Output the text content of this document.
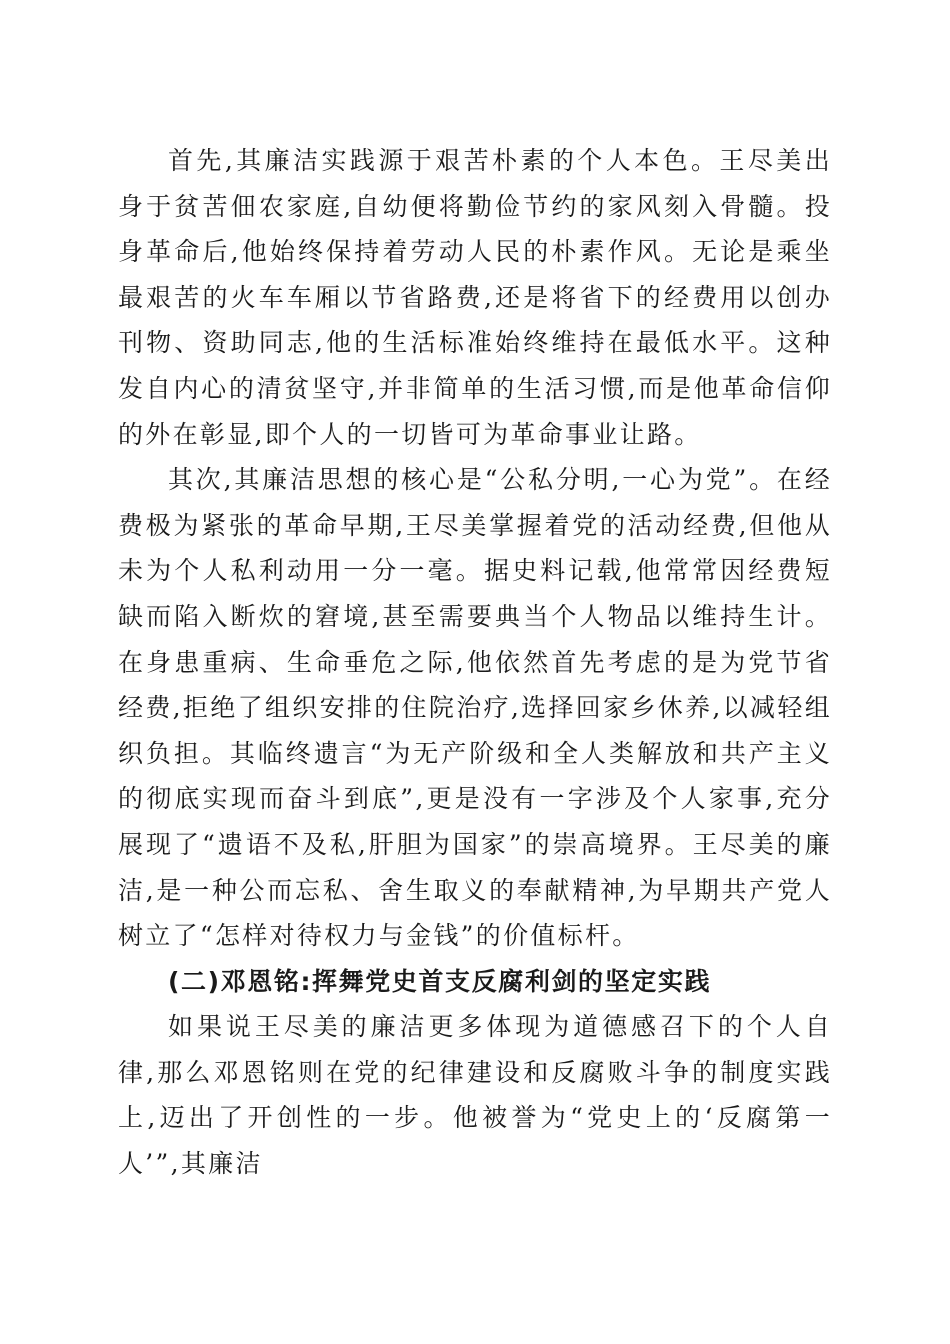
首先,其廉洁实践源于艰苦朴素的个人本色。王尽美出身于贫苦佃农家庭,自幼便将勤俭节约的家风刻入骨髓。投身革命后,他始终保持着劳动人民的朴素作风。无论是乘坐最艰苦的火车车厢以节省路费,还是将省下的经费用以创办刊物、资助同志,他的生活标准始终维持在最低水平。这种发自内心的清贫坚守,并非简单的生活习惯,而是他革命信仰的外在彰显,即个人的一切皆可为革命事业让路。

其次,其廉洁思想的核心是“公私分明,一心为党”。在经费极为紧张的革命早期,王尽美掌握着党的活动经费,但他从未为个人私利动用一分一毫。据史料记载,他常常因经费短缺而陷入断炊的窘境,甚至需要典当个人物品以维持生计。在身患重病、生命垂危之际,他依然首先考虑的是为党节省经费,拒绝了组织安排的住院治疗,选择回家乡休养,以减轻组织负担。其临终遗言“为无产阶级和全人类解放和共产主义的彻底实现而奋斗到底”,更是没有一字涉及个人家事,充分展现了“遗语不及私,肝胆为国家”的崇高境界。王尽美的廉洁,是一种公而忘私、舍生取义的奉献精神,为早期共产党人树立了“怎样对待权力与金钱”的价值标杆。

(二)邓恩铭:挥舞党史首支反腐利剑的坚定实践

如果说王尽美的廉洁更多体现为道德感召下的个人自律,那么邓恩铭则在党的纪律建设和反腐败斗争的制度实践上,迈出了开创性的一步。他被誉为“党史上的‘反腐第一人’”,其廉洁
